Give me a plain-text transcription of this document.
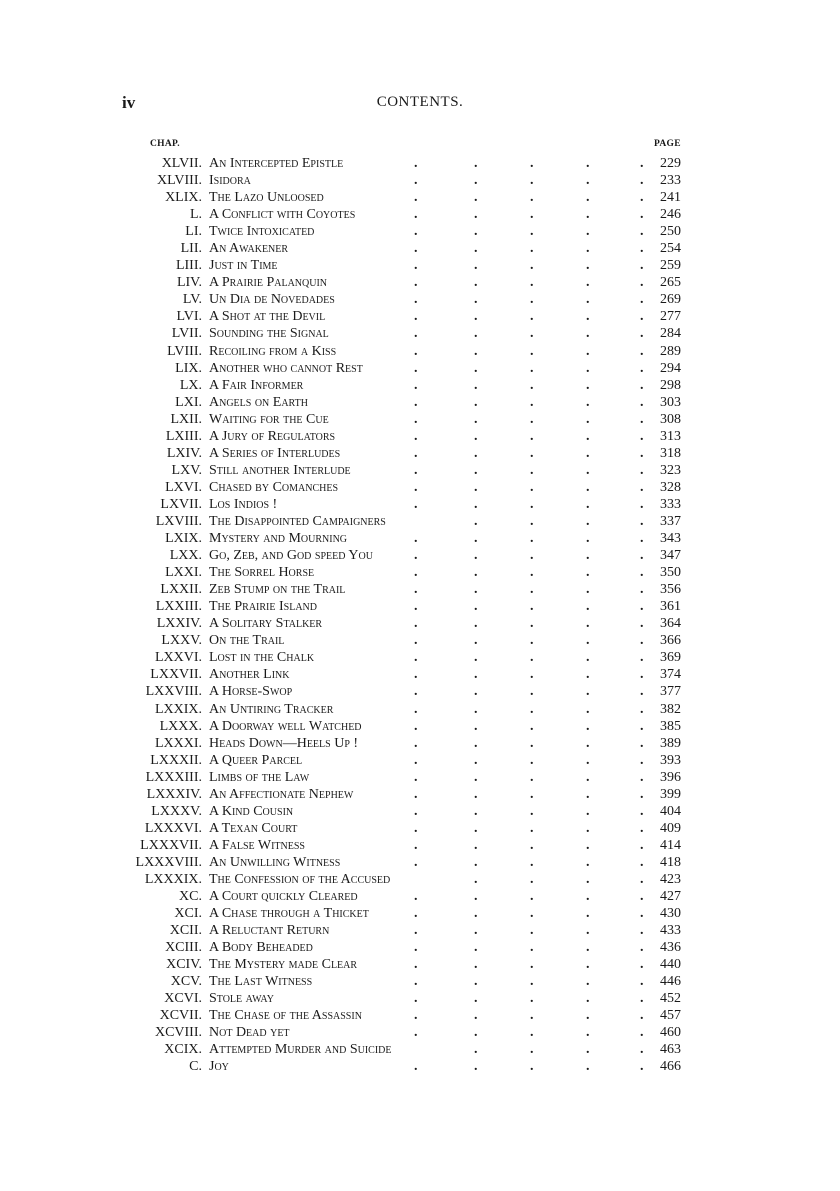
iv	CONTENTS.
CHAP.	PAGE
XLVII. An Intercepted Epistle	.	.	.	.	. 229
XLVIII. Isidora	.	.	.	.	. 233
XLIX. The Lazo Unloosed	.	.	.	.	. 241
L. A Conflict with Coyotes	.	.	.	.	. 246
LI. Twice Intoxicated	.	.	.	.	. 250
LII. An Awakener	.	.	.	.	. 254
LIII. Just in Time	.	.	.	.	. 259
LIV. A Prairie Palanquin	.	.	.	.	. 265
LV. Un Dia de Novedades	.	.	.	.	. 269
LVI. A Shot at the Devil	.	.	.	.	. 277
LVII. Sounding the Signal	.	.	.	.	. 284
LVIII. Recoiling from a Kiss	.	.	.	.	. 289
LIX. Another who cannot Rest	.	.	.	.	. 294
LX. A Fair Informer	.	.	.	.	. 298
LXI. Angels on Earth	.	.	.	.	. 303
LXII. Waiting for the Cue	.	.	.	.	. 308
LXIII. A Jury of Regulators	.	.	.	.	. 313
LXIV. A Series of Interludes	.	.	.	.	. 318
LXV. Still another Interlude	.	.	.	.	. 323
LXVI. Chased by Comanches	.	.	.	.	. 328
LXVII. Los Indios !	.	.	.	.	. 333
LXVIII. The Disappointed Campaigners	.	.	.	. 337
LXIX. Mystery and Mourning	.	.	.	.	. 343
LXX. Go, Zeb, and God speed You	.	.	.	.	. 347
LXXI. The Sorrel Horse	.	.	.	.	. 350
LXXII. Zeb Stump on the Trail	.	.	.	.	. 356
LXXIII. The Prairie Island	.	.	.	.	. 361
LXXIV. A Solitary Stalker	.	.	.	.	. 364
LXXV. On the Trail	.	.	.	.	. 366
LXXVI. Lost in the Chalk	.	.	.	.	. 369
LXXVII. Another Link	.	.	.	.	. 374
LXXVIII. A Horse-Swop	.	.	.	.	. 377
LXXIX. An Untiring Tracker	.	.	.	.	. 382
LXXX. A Doorway well Watched	.	.	.	.	. 385
LXXXI. Heads Down—Heels Up !	.	.	.	.	. 389
LXXXII. A Queer Parcel	.	.	.	.	. 393
LXXXIII. Limbs of the Law	.	.	.	.	. 396
LXXXIV. An Affectionate Nephew	.	.	.	.	. 399
LXXXV. A Kind Cousin	.	.	.	.	. 404
LXXXVI. A Texan Court	.	.	.	.	. 409
LXXXVII. A False Witness	.	.	.	.	. 414
LXXXVIII. An Unwilling Witness	.	.	.	.	. 418
LXXXIX. The Confession of the Accused	.	.	.	. 423
XC. A Court quickly Cleared	.	.	.	.	. 427
XCI. A Chase through a Thicket	.	.	.	.	. 430
XCII. A Reluctant Return	.	.	.	.	. 433
XCIII. A Body Beheaded	.	.	.	.	. 436
XCIV. The Mystery made Clear	.	.	.	.	. 440
XCV. The Last Witness	.	.	.	.	. 446
XCVI. Stole away	.	.	.	.	. 452
XCVII. The Chase of the Assassin	.	.	.	.	. 457
XCVIII. Not Dead yet	.	.	.	.	. 460
XCIX. Attempted Murder and Suicide	.	.	.	. 463
C. Joy	.	.	.	.	. 466
